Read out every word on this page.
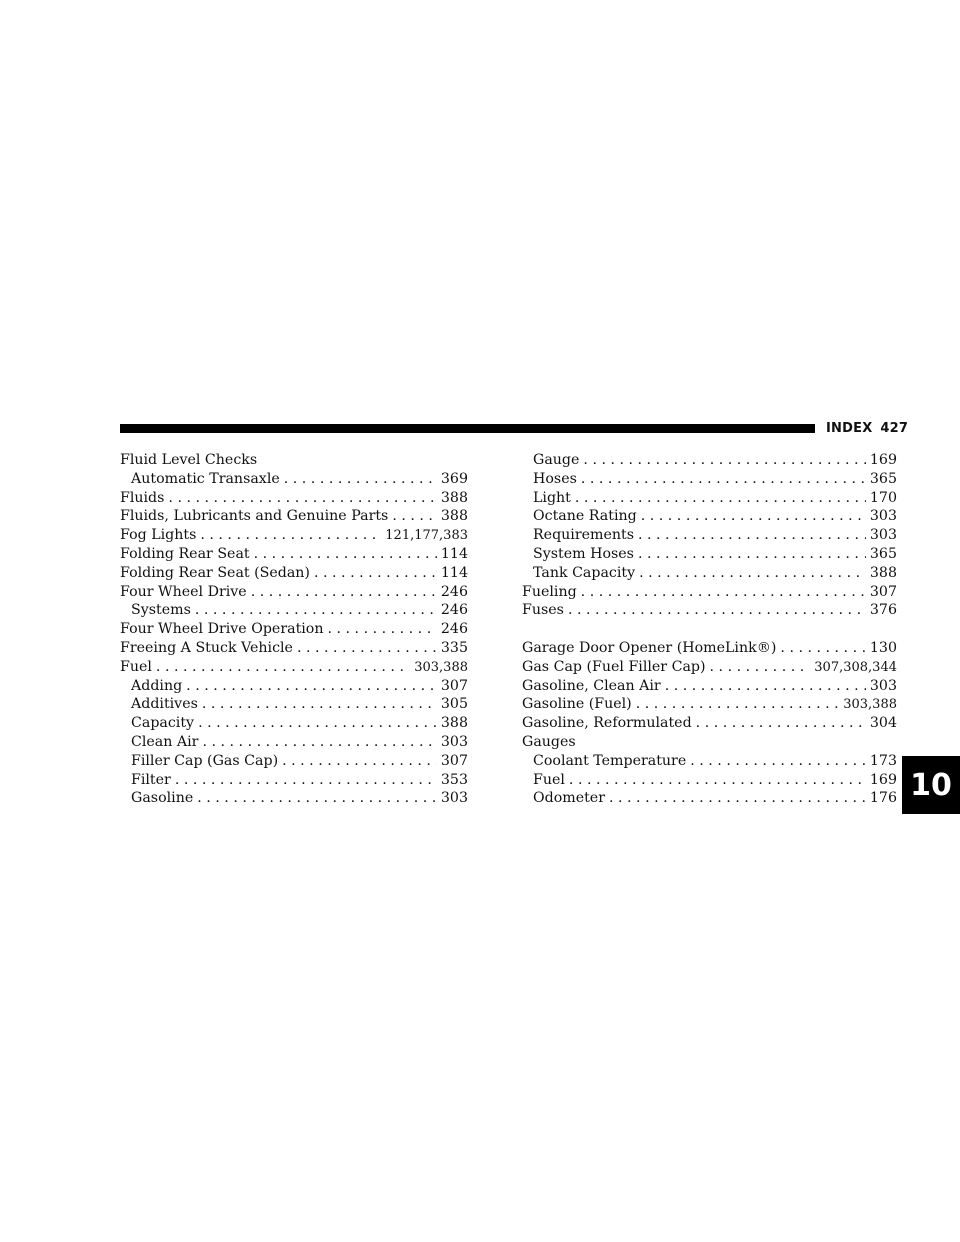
INDEX 427
Fluid Level Checks
Automatic Transaxle . . .	369
Fluids . . .	388
Fluids, Lubricants and Genuine Parts . . .	388
Fog Lights . . .	121,177,383
Folding Rear Seat . . .	114
Folding Rear Seat (Sedan) . . .	114
Four Wheel Drive . . .	246
Systems . . .	246
Four Wheel Drive Operation . . .	246
Freeing A Stuck Vehicle . . .	335
Fuel . . .	303,388
Adding . . .	307
Additives . . .	305
Capacity . . .	388
Clean Air . . .	303
Filler Cap (Gas Cap) . . .	307
Filter . . .	353
Gasoline . . .	303
Gauge . . .	169
Hoses . . .	365
Light . . .	170
Octane Rating . . .	303
Requirements . . .	303
System Hoses . . .	365
Tank Capacity . . .	388
Fueling . . .	307
Fuses . . .	376
Garage Door Opener (HomeLink®) . . .	130
Gas Cap (Fuel Filler Cap) . . .	307,308,344
Gasoline, Clean Air . . .	303
Gasoline (Fuel) . . .	303,388
Gasoline, Reformulated . . .	304
Gauges
Coolant Temperature . . .	173
Fuel . . .	169
Odometer . . .	176 10
